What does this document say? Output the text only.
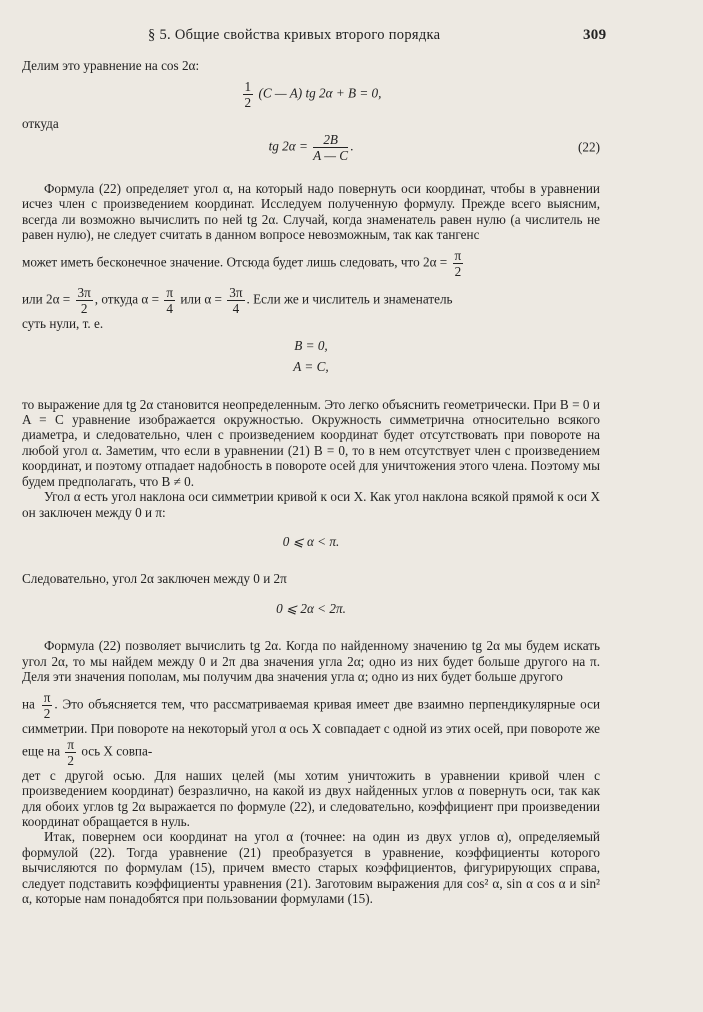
§ 5. Общие свойства кривых второго порядка	309

Делим это уравнение на cos 2α:

$\frac{1}{2} (C$ — A) tg 2α + B = 0,

откуда

tg $2\alpha = \frac{2B}{A — C}$ .	(22)

Формула (22) определяет угол α, на который надо повернуть оси координат, чтобы в уравнении исчез член с произведением координат. Исследуем полученную формулу. Прежде всего выясним, всегда ли возможно вычислить по ней tg 2α. Случай, когда знаменатель равен нулю (а числитель не равен нулю), не следует считать в данном вопросе невозможным, так как тангенс

может иметь бесконечное значение. Отсюда будет лишь следовать, что $2\alpha = \frac{\pi}{2}$

или $2\alpha = \frac{3\pi}{2}$ , откуда $\alpha = \frac{\pi}{4}$ или $\alpha = \frac{3\pi}{4}$ . Если же и числитель и знаменатель

суть нули, т. е.

B = 0,

A = C,

то выражение для tg 2α становится неопределенным. Это легко объяснить геометрически. При B = 0 и A = C уравнение изображается окружностью. Окружность симметрична относительно всякого диаметра, и следовательно, член с произведением координат будет отсутствовать при повороте на любой угол α. Заметим, что если в уравнении (21) B = 0, то в нем отсутствует член с произведением координат, и поэтому отпадает надобность в повороте осей для уничтожения этого члена. Поэтому мы будем предполагать, что B ≠ 0.

Угол α есть угол наклона оси симметрии кривой к оси X. Как угол наклона всякой прямой к оси X он заключен между 0 и π:

0 ⩽ α < π.

Следовательно, угол 2α заключен между 0 и 2π

0 ⩽ 2α < 2π.

Формула (22) позволяет вычислить tg 2α. Когда по найденному значению tg 2α мы будем искать угол 2α, то мы найдем между 0 и 2π два значения угла 2α; одно из них будет больше другого на π. Деля эти значения пополам, мы получим два значения угла α; одно из них будет больше другого

на $\frac{\pi}{2}$ . Это объясняется тем, что рассматриваемая кривая имеет две взаимно перпендикулярные оси симметрии. При повороте на некоторый угол α ось X совпадает с одной из этих осей, при повороте же еще на $\frac{\pi}{2}$ ось X совпа-

дет с другой осью. Для наших целей (мы хотим уничтожить в уравнении кривой член с произведением координат) безразлично, на какой из двух найденных углов α повернуть оси, так как для обоих углов tg 2α выражается по формуле (22), и следовательно, коэффициент при произведении координат обращается в нуль.

Итак, повернем оси координат на угол α (точнее: на один из двух углов α), определяемый формулой (22). Тогда уравнение (21) преобразуется в уравнение, коэффициенты которого вычисляются по формулам (15), причем вместо старых коэффициентов, фигурирующих справа, следует подставить коэффициенты уравнения (21). Заготовим выражения для cos² α, sin α cos α и sin² α, которые нам понадобятся при пользовании формулами (15).
